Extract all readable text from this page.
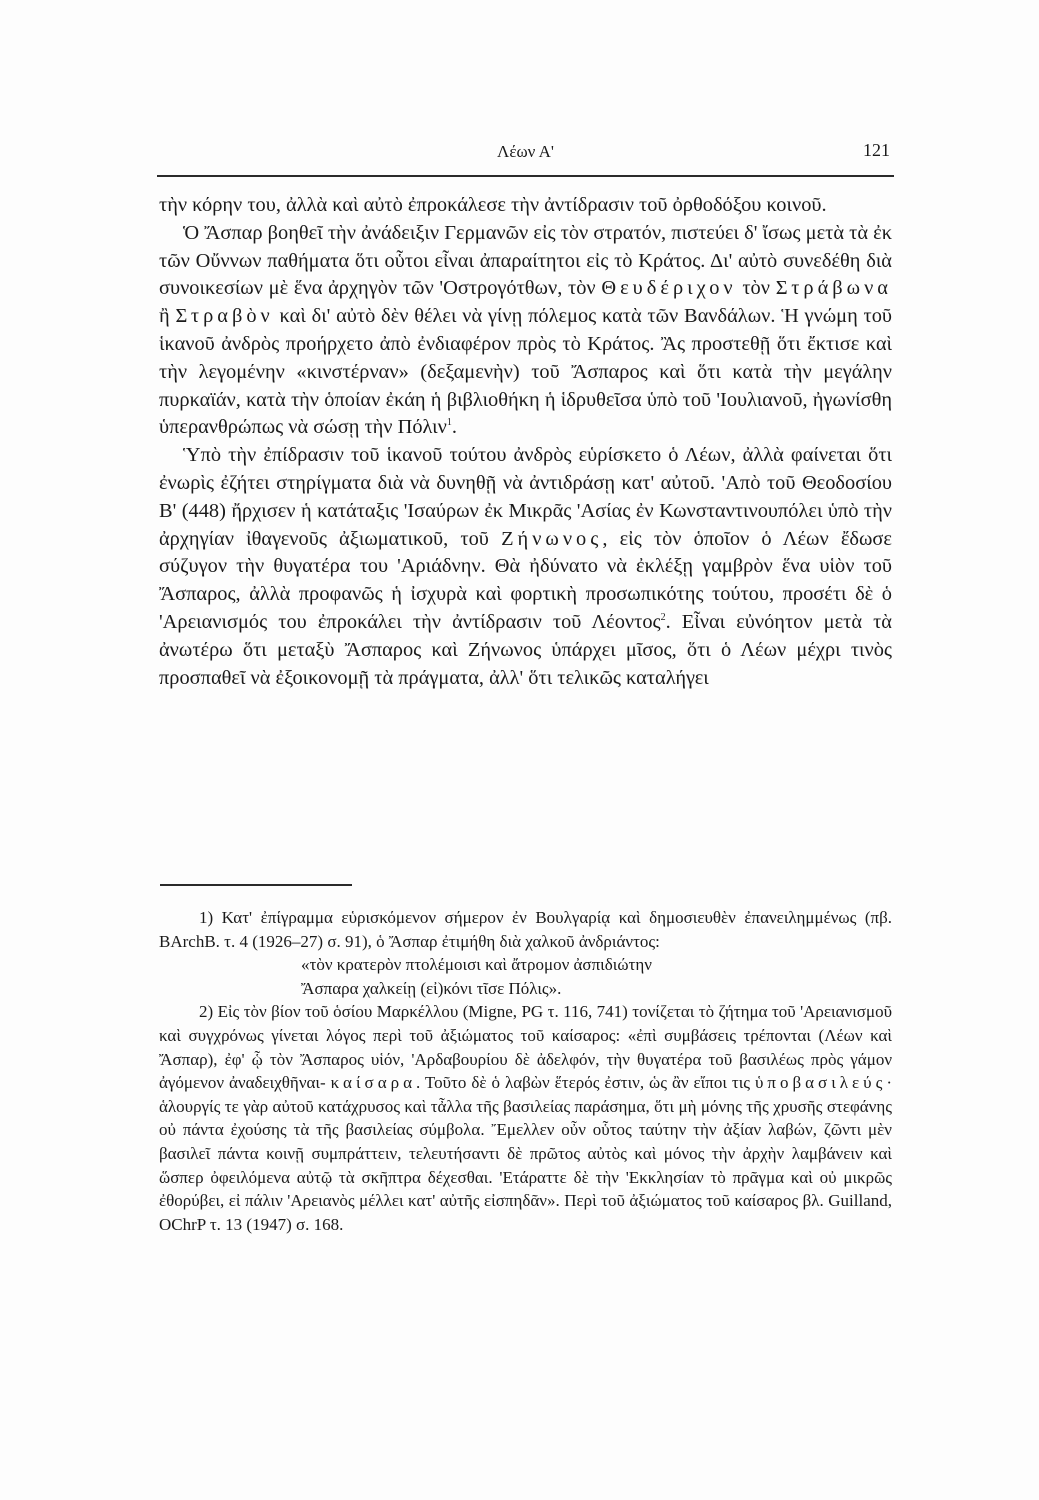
Λέων Α'	121

τὴν κόρην του, ἀλλὰ καὶ αὐτὸ ἐπροκάλεσε τὴν ἀντίδρασιν τοῦ ὀρθοδόξου κοινοῦ.

Ὁ Ἄσπαρ βοηθεῖ τὴν ἀνάδειξιν Γερμανῶν εἰς τὸν στρατόν, πιστεύει δ' ἴσως μετὰ τὰ ἐκ τῶν Οὔννων παθήματα ὅτι οὗτοι εἶναι ἀπαραίτητοι εἰς τὸ Κράτος. Δι' αὐτὸ συνεδέθη διὰ συνοικεσίων μὲ ἕνα ἀρχηγὸν τῶν 'Οστρογότθων, τὸν Θευδέριχον τὸν Στράβωνα ἢ Στραβὸν καὶ δι' αὐτὸ δὲν θέλει νὰ γίνῃ πόλεμος κατὰ τῶν Βανδάλων. Ἡ γνώμη τοῦ ἱκανοῦ ἀνδρὸς προήρχετο ἀπὸ ἐνδιαφέρον πρὸς τὸ Κράτος. Ἂς προστεθῇ ὅτι ἔκτισε καὶ τὴν λεγομένην «κινστέρναν» (δεξαμενὴν) τοῦ Ἄσπαρος καὶ ὅτι κατὰ τὴν μεγάλην πυρκαϊάν, κατὰ τὴν ὁποίαν ἐκάη ἡ βιβλιοθήκη ἡ ἱδρυθεῖσα ὑπὸ τοῦ 'Ιουλιανοῦ, ἠγωνίσθη ὑπερανθρώπως νὰ σώσῃ τὴν Πόλιν$^1$.

Ὑπὸ τὴν ἐπίδρασιν τοῦ ἱκανοῦ τούτου ἀνδρὸς εὑρίσκετο ὁ Λέων, ἀλλὰ φαίνεται ὅτι ἐνωρὶς ἐζήτει στηρίγματα διὰ νὰ δυνηθῇ νὰ ἀντιδράσῃ κατ' αὐτοῦ. 'Απὸ τοῦ Θεοδοσίου Β' (448) ἤρχισεν ἡ κατάταξις 'Ισαύρων ἐκ Μικρᾶς 'Ασίας ἐν Κωνσταντινουπόλει ὑπὸ τὴν ἀρχηγίαν ἰθαγενοῦς ἀξιωματικοῦ, τοῦ Ζήνωνος, εἰς τὸν ὁποῖον ὁ Λέων ἔδωσε σύζυγον τὴν θυγατέρα του 'Αριάδνην. Θὰ ἠδύνατο νὰ ἐκλέξῃ γαμβρὸν ἕνα υἱὸν τοῦ Ἄσπαρος, ἀλλὰ προφανῶς ἡ ἰσχυρὰ καὶ φορτικὴ προσωπικότης τούτου, προσέτι δὲ ὁ 'Αρειανισμός του ἐπροκάλει τὴν ἀντίδρασιν τοῦ Λέοντος$^2$. Εἶναι εὐνόητον μετὰ τὰ ἀνωτέρω ὅτι μεταξὺ Ἄσπαρος καὶ Ζήνωνος ὑπάρχει μῖσος, ὅτι ὁ Λέων μέχρι τινὸς προσπαθεῖ νὰ ἐξοικονομῇ τὰ πράγματα, ἀλλ' ὅτι τελικῶς καταλήγει

1) Κατ' ἐπίγραμμα εὑρισκόμενον σήμερον ἐν Βουλγαρίᾳ καὶ δημοσιευθὲν ἐπανειλημμένως (πβ. BArchB. τ. 4 (1926–27) σ. 91), ὁ Ἄσπαρ ἐτιμήθη διὰ χαλκοῦ ἀνδριάντος:

«τὸν κρατερὸν πτολέμοισι καὶ ἄτρομον ἀσπιδιώτην

Ἄσπαρα χαλκείῃ (εἰ)κόνι τῖσε Πόλις».

2) Εἰς τὸν βίον τοῦ ὁσίου Μαρκέλλου (Migne, PG τ. 116, 741) τονίζεται τὸ ζήτημα τοῦ 'Αρειανισμοῦ καὶ συγχρόνως γίνεται λόγος περὶ τοῦ ἀξιώματος τοῦ καίσαρος: «ἐπὶ συμβάσεις τρέπονται (Λέων καὶ Ἄσπαρ), ἐφ' ᾧ τὸν Ἄσπαρος υἱόν, 'Αρδαβουρίου δὲ ἀδελφόν, τὴν θυγατέρα τοῦ βασιλέως πρὸς γάμον ἀγόμενον ἀναδειχθῆναι- καίσαρα. Τοῦτο δὲ ὁ λαβὼν ἕτερός ἐστιν, ὡς ἂν εἴποι τις ὑποβασιλεύς· ἁλουργίς τε γὰρ αὐτοῦ κατάχρυσος καὶ τἆλλα τῆς βασιλείας παράσημα, ὅτι μὴ μόνης τῆς χρυσῆς στεφάνης οὐ πάντα ἐχούσης τὰ τῆς βασιλείας σύμβολα. Ἔμελλεν οὖν οὗτος ταύτην τὴν ἀξίαν λαβών, ζῶντι μὲν βασιλεῖ πάντα κοινῇ συμπράττειν, τελευτήσαντι δὲ πρῶτος αὐτὸς καὶ μόνος τὴν ἀρχὴν λαμβάνειν καὶ ὥσπερ ὀφειλόμενα αὐτῷ τὰ σκῆπτρα δέχεσθαι. 'Ετάραττε δὲ τὴν 'Εκκλησίαν τὸ πρᾶγμα καὶ οὐ μικρῶς ἐθορύβει, εἰ πάλιν 'Αρειανὸς μέλλει κατ' αὐτῆς εἰσπηδᾶν». Περὶ τοῦ ἀξιώματος τοῦ καίσαρος βλ. Guilland, OChrP τ. 13 (1947) σ. 168.
